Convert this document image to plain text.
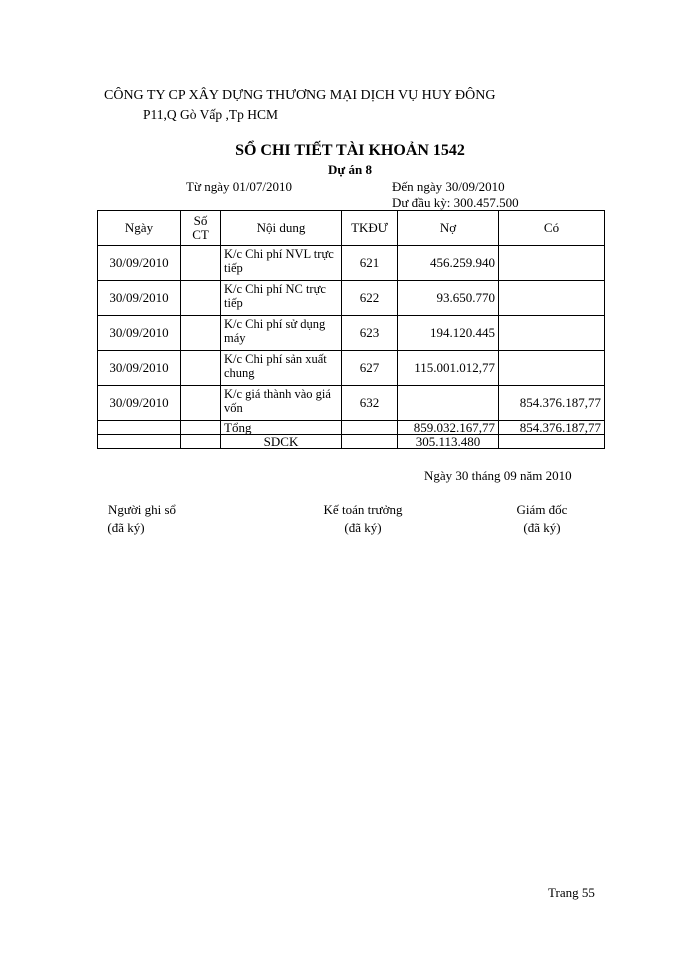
CÔNG TY CP XÂY DỰNG THƯƠNG MẠI DỊCH VỤ HUY ĐÔNG
P11,Q Gò Vấp ,Tp HCM
SỔ CHI TIẾT TÀI KHOẢN 1542
Dự án 8
Từ ngày 01/07/2010	Đến ngày 30/09/2010
Dư đầu kỳ: 300.457.500
Ngày	Số CT	Nội dung	TKĐƯ	Nợ	Có
30/09/2010		K/c Chi phí NVL trực tiếp	621	456.259.940	
30/09/2010		K/c Chi phí NC trực tiếp	622	93.650.770	
30/09/2010		K/c Chi phí sử dụng máy	623	194.120.445	
30/09/2010		K/c Chi phí sản xuất chung	627	115.001.012,77	
30/09/2010		K/c giá thành vào giá vốn	632		854.376.187,77
		Tổng		859.032.167,77	854.376.187,77
		SDCK		305.113.480	
Ngày 30 tháng 09 năm 2010
Người ghi sổ
(đã ký)
Kế toán trưởng
(đã ký)
Giám đốc
(đã ký)
Trang 55
